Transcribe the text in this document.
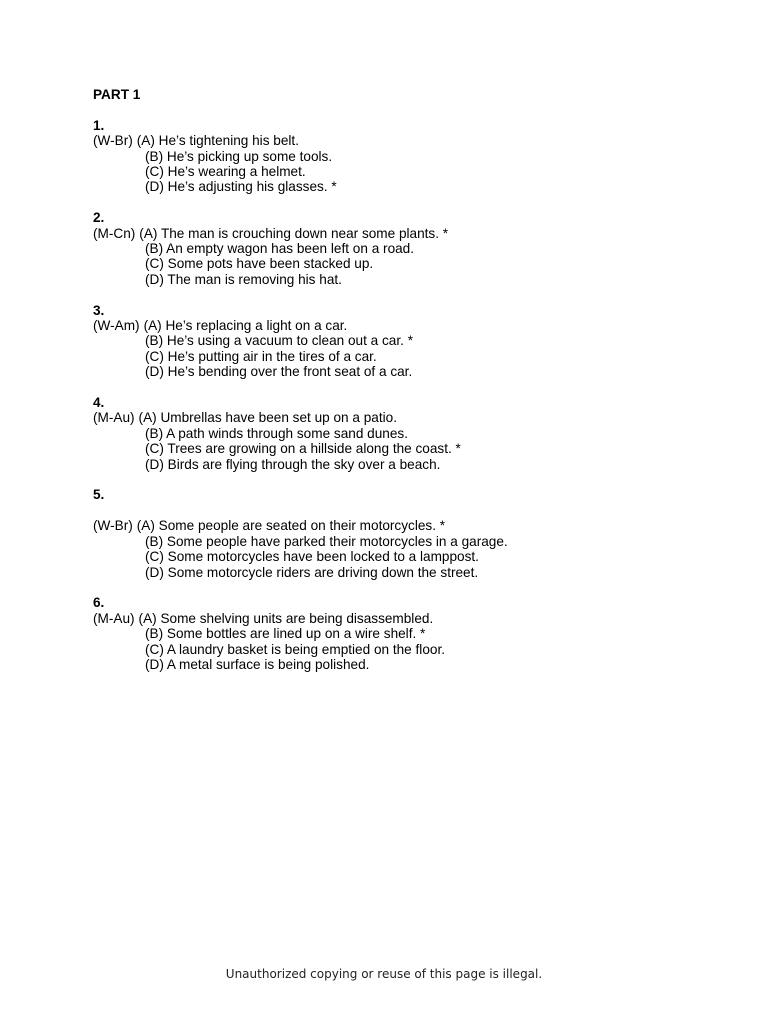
PART 1
1.
(W-Br) (A) He’s tightening his belt.
(B) He’s picking up some tools.
(C) He’s wearing a helmet.
(D) He’s adjusting his glasses. *
2.
(M-Cn) (A) The man is crouching down near some plants. *
(B) An empty wagon has been left on a road.
(C) Some pots have been stacked up.
(D) The man is removing his hat.
3.
(W-Am) (A) He’s replacing a light on a car.
(B) He’s using a vacuum to clean out a car. *
(C) He’s putting air in the tires of a car.
(D) He’s bending over the front seat of a car.
4.
(M-Au) (A) Umbrellas have been set up on a patio.
(B) A path winds through some sand dunes.
(C) Trees are growing on a hillside along the coast. *
(D) Birds are flying through the sky over a beach.
5.
(W-Br) (A) Some people are seated on their motorcycles. *
(B) Some people have parked their motorcycles in a garage.
(C) Some motorcycles have been locked to a lamppost.
(D) Some motorcycle riders are driving down the street.
6.
(M-Au) (A) Some shelving units are being disassembled.
(B) Some bottles are lined up on a wire shelf. *
(C) A laundry basket is being emptied on the floor.
(D) A metal surface is being polished.
Unauthorized copying or reuse of this page is illegal.
